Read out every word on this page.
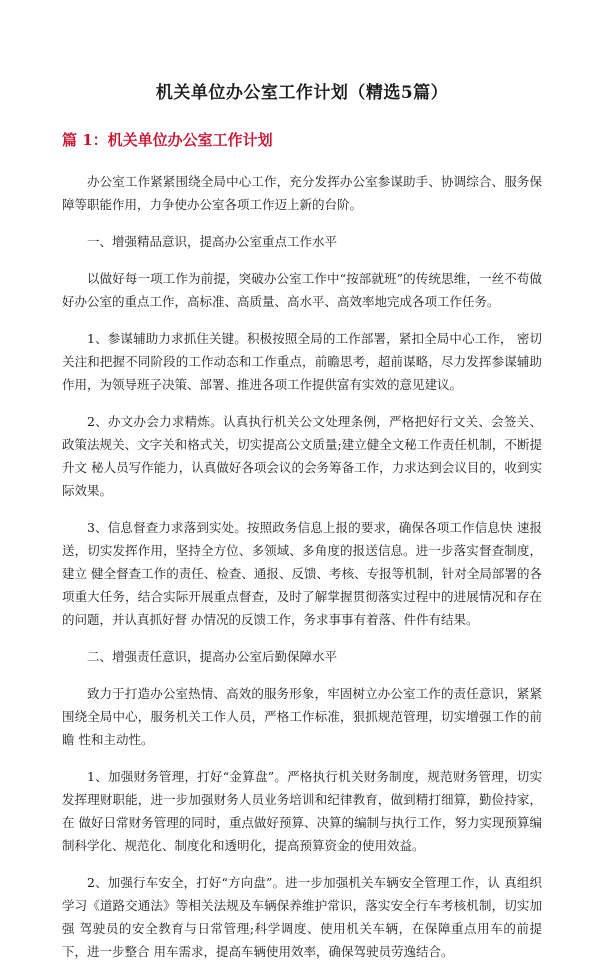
机关单位办公室工作计划（精选5篇）
篇 1：机关单位办公室工作计划

办公室工作紧紧围绕全局中心工作，充分发挥办公室参谋助手、协调综合、服务保障等职能作用，力争使办公室各项工作迈上新的台阶。

一、增强精品意识，提高办公室重点工作水平

以做好每一项工作为前提，突破办公室工作中“按部就班”的传统思维，一丝不苟做好办公室的重点工作，高标准、高质量、高水平、高效率地完成各项工作任务。

1、参谋辅助力求抓住关键。积极按照全局的工作部署，紧扣全局中心工作， 密切关注和把握不同阶段的工作动态和工作重点，前瞻思考，超前谋略，尽力发挥参谋辅助作用，为领导班子决策、部署、推进各项工作提供富有实效的意见建议。

2、办文办会力求精炼。认真执行机关公文处理条例，严格把好行文关、会签关、政策法规关、文字关和格式关，切实提高公文质量;建立健全文秘工作责任机制，不断提升文 秘人员写作能力，认真做好各项会议的会务筹备工作，力求达到会议目的，收到实际效果。

3、信息督查力求落到实处。按照政务信息上报的要求，确保各项工作信息快 速报送，切实发挥作用，坚持全方位、多领域、多角度的报送信息。进一步落实督查制度，建立 健全督查工作的责任、检查、通报、反馈、考核、专报等机制，针对全局部署的各项重大任务，结合实际开展重点督查，及时了解掌握贯彻落实过程中的进展情况和存在的问题，并认真抓好督 办情况的反馈工作，务求事事有着落、件件有结果。

二、增强责任意识，提高办公室后勤保障水平

致力于打造办公室热情、高效的服务形象，牢固树立办公室工作的责任意识，紧紧围绕全局中心，服务机关工作人员，严格工作标准，狠抓规范管理，切实增强工作的前瞻 性和主动性。

1、加强财务管理，打好“金算盘”。严格执行机关财务制度，规范财务管理，切实发挥理财职能，进一步加强财务人员业务培训和纪律教育，做到精打细算，勤俭持家，在 做好日常财务管理的同时，重点做好预算、决算的编制与执行工作，努力实现预算编制科学化、规范化、制度化和透明化，提高预算资金的使用效益。

2、加强行车安全，打好“方向盘”。进一步加强机关车辆安全管理工作，认 真组织学习《道路交通法》等相关法规及车辆保养维护常识，落实安全行车考核机制，切实加强 驾驶员的安全教育与日常管理;科学调度、使用机关车辆，在保障重点用车的前提下，进一步整合 用车需求，提高车辆使用效率，确保驾驶员劳逸结合。
